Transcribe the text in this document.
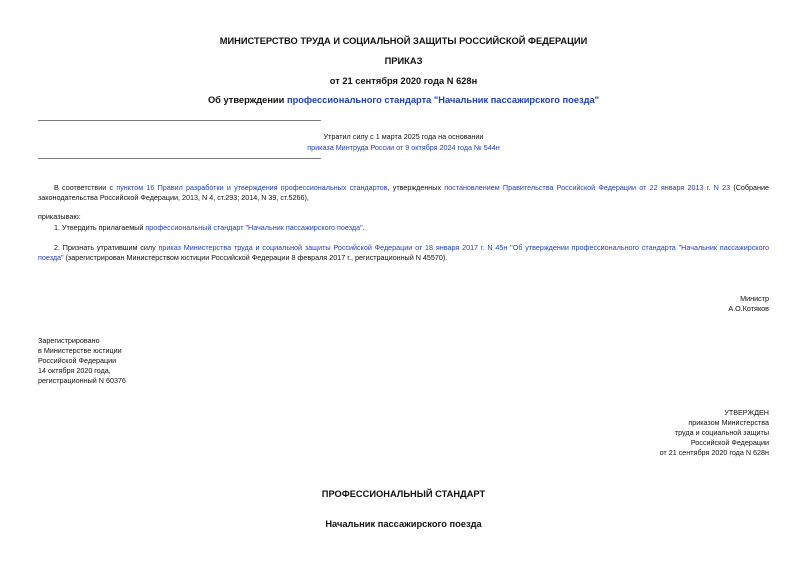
МИНИСТЕРСТВО ТРУДА И СОЦИАЛЬНОЙ ЗАЩИТЫ РОССИЙСКОЙ ФЕДЕРАЦИИ
ПРИКАЗ
от 21 сентября 2020 года N 628н
Об утверждении профессионального стандарта "Начальник пассажирского поезда"
Утратил силу с 1 марта 2025 года на основании
приказа Минтруда России от 9 октября 2024 года № 544н
В соответствии с пунктом 16 Правил разработки и утверждения профессиональных стандартов, утвержденных постановлением Правительства Российской Федерации от 22 января 2013 г. N 23 (Собрание законодательства Российской Федерации, 2013, N 4, ст.293; 2014, N 39, ст.5266),
приказываю:
1. Утвердить прилагаемый профессиональный стандарт "Начальник пассажирского поезда".
2. Признать утратившим силу приказ Министерства труда и социальной защиты Российской Федерации от 18 января 2017 г. N 45н "Об утверждении профессионального стандарта "Начальник пассажирского поезда" (зарегистрирован Министерством юстиции Российской Федерации 8 февраля 2017 г., регистрационный N 45570).

Министр

А.О.Котяков

Зарегистрировано

в Министерстве юстиции

Российской Федерации

14 октября 2020 года,

регистрационный N 60376

УТВЕРЖДЕН

приказом Министерства

труда и социальной защиты

Российской Федерации

от 21 сентября 2020 года N 628н

ПРОФЕССИОНАЛЬНЫЙ СТАНДАРТ
Начальник пассажирского поезда
